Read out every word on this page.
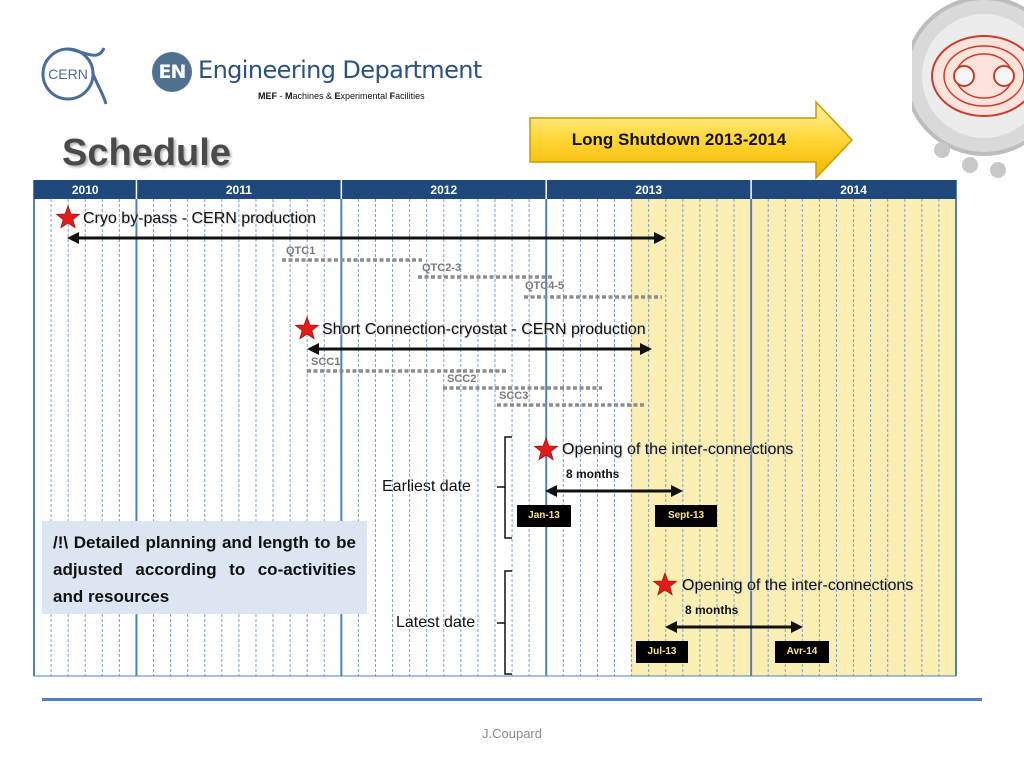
CERN	EN Engineering Department
MEF - Machines & Experimental Facilities
Schedule	Long Shutdown 2013-2014
2010	2011	2012	2013	2014
Cryo by-pass - CERN production
QTC1
QTC2-3
QTC4-5
Short Connection-cryostat - CERN production
SCC1
SCC2
SCC3
Opening of the inter-connections
8 months
Earliest date
Opening of the inter-connections
8 months
Latest date
Jan-13	Sept-13
Jul-13	Avr-14
/!\ Detailed planning and length to be adjusted according to co-activities and resources
J.Coupard
